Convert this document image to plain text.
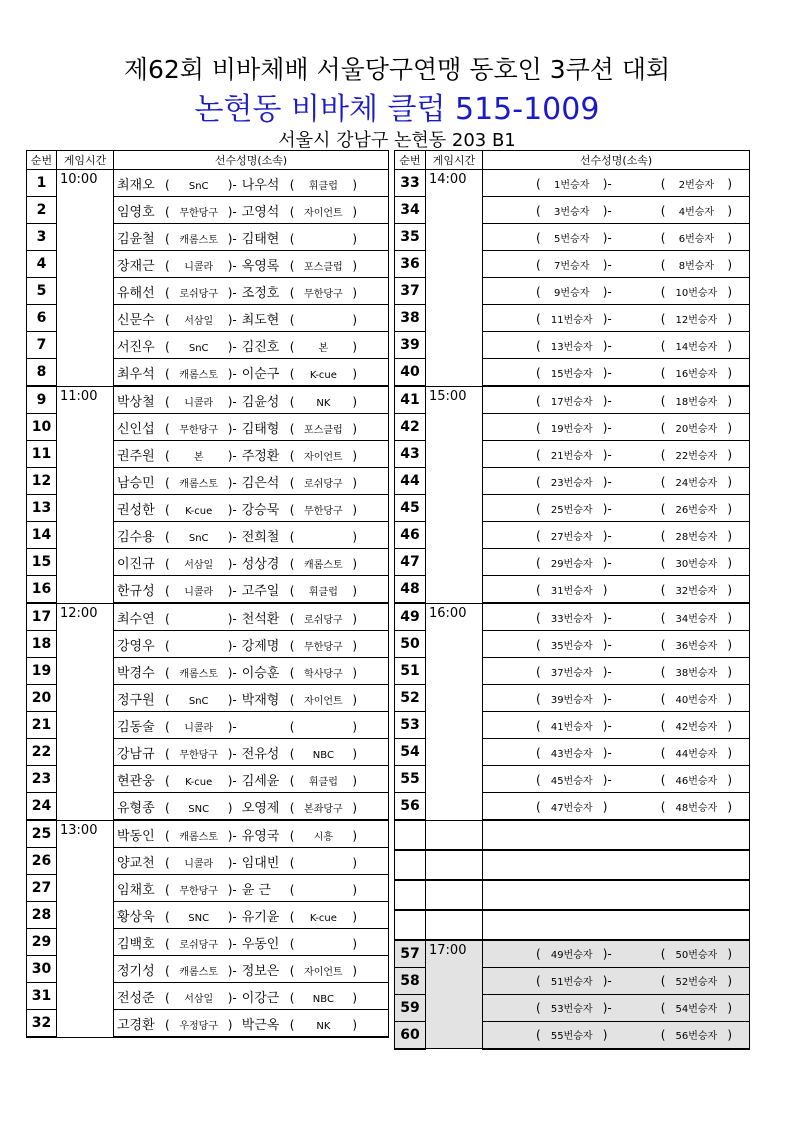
제62회 비바체배 서울당구연맹 동호인 3쿠션 대회
논현동 비바체 클럽 515-1009
서울시 강남구 논현동 203 B1
순번	게임시간	선수성명(소속)
1	10:00	최재오 ( SnC )- 나우석 ( 휘클럽 )
2		임영호 ( 무한당구 )- 고영석 ( 자이언트 )
3		김윤철 ( 캐롬스토 )- 김태현 ( )
4		장재근 ( 니콜라 )- 옥영록 ( 포스클럽 )
5		유해선 ( 로쉬당구 )- 조정호 ( 무한당구 )
6		신문수 ( 서삼일 )- 최도현 ( )
7		서진우 ( SnC )- 김진호 ( 본 )
8		최우석 ( 캐롬스토 )- 이순구 ( K-cue )
9	11:00	박상철 ( 니콜라 )- 김윤성 ( NK )
10		신인섭 ( 무한당구 )- 김태형 ( 포스클럽 )
11		권주원 ( 본 )- 주정환 ( 자이언트 )
12		남승민 ( 캐롬스토 )- 김은석 ( 로쉬당구 )
13		권성한 ( K-cue )- 강승묵 ( 무한당구 )
14		김수용 ( SnC )- 전희철 ( )
15		이진규 ( 서삼일 )- 성상경 ( 캐롬스토 )
16		한규성 ( 니콜라 )- 고주일 ( 휘클럽 )
17	12:00	최수연 ( )- 천석환 ( 로쉬당구 )
18		강영우 ( )- 강제명 ( 무한당구 )
19		박경수 ( 캐롬스토 )- 이승훈 ( 학사당구 )
20		정구원 ( SnC )- 박재형 ( 자이언트 )
21		김동술 ( 니콜라 )- ( )
22		강남규 ( 무한당구 )- 전유성 ( NBC )
23		현관웅 ( K-cue )- 김세윤 ( 휘클럽 )
24		유형종 ( SNC ) 오영제 ( 본좌당구 )
25	13:00	박동인 ( 캐롬스토 )- 유영국 ( 시흥 )
26		양교천 ( 니콜라 )- 임대빈 ( )
27		임채호 ( 무한당구 )- 윤 근 ( )
28		황상욱 ( SNC )- 유기윤 ( K-cue )
29		김백호 ( 로쉬당구 )- 우동인 ( )
30		정기성 ( 캐롬스토 )- 정보은 ( 자이언트 )
31		전성준 ( 서삼일 )- 이강근 ( NBC )
32		고경환 ( 우정당구 ) 박근옥 ( NK )
순번	게임시간	선수성명(소속)
33	14:00	( 1번승자 )- ( 2번승자 )
34		( 3번승자 )- ( 4번승자 )
35		( 5번승자 )- ( 6번승자 )
36		( 7번승자 )- ( 8번승자 )
37		( 9번승자 )- ( 10번승자 )
38		( 11번승자 )- ( 12번승자 )
39		( 13번승자 )- ( 14번승자 )
40		( 15번승자 )- ( 16번승자 )
41	15:00	( 17번승자 )- ( 18번승자 )
42		( 19번승자 )- ( 20번승자 )
43		( 21번승자 )- ( 22번승자 )
44		( 23번승자 )- ( 24번승자 )
45		( 25번승자 )- ( 26번승자 )
46		( 27번승자 )- ( 28번승자 )
47		( 29번승자 )- ( 30번승자 )
48		( 31번승자 ) ( 32번승자 )
49	16:00	( 33번승자 )- ( 34번승자 )
50		( 35번승자 )- ( 36번승자 )
51		( 37번승자 )- ( 38번승자 )
52		( 39번승자 )- ( 40번승자 )
53		( 41번승자 )- ( 42번승자 )
54		( 43번승자 )- ( 44번승자 )
55		( 45번승자 )- ( 46번승자 )
56		( 47번승자 ) ( 48번승자 )

57	17:00	( 49번승자 )- ( 50번승자 )
58		( 51번승자 )- ( 52번승자 )
59		( 53번승자 )- ( 54번승자 )
60		( 55번승자 ) ( 56번승자 )
